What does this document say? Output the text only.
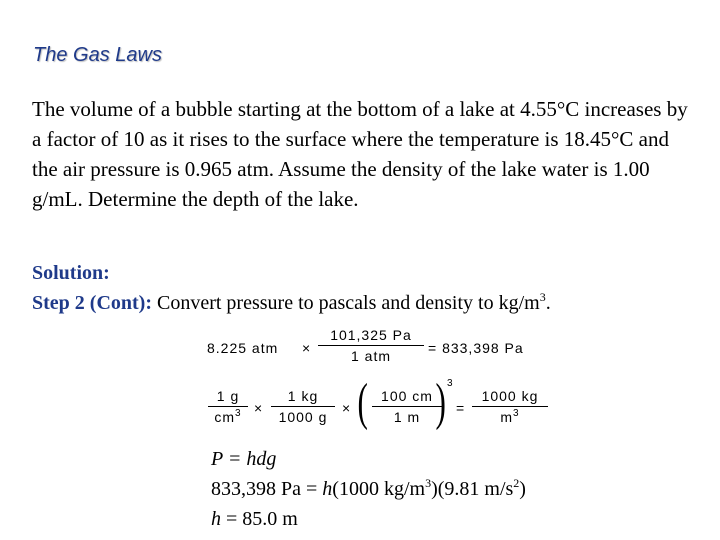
The Gas Laws
The volume of a bubble starting at the bottom of a lake at 4.55°C increases by a factor of 10 as it rises to the surface where the temperature is 18.45°C and the air pressure is 0.965 atm. Assume the density of the lake water is 1.00 g/mL. Determine the depth of the lake.
Solution:
Step 2 (Cont): Convert pressure to pascals and density to $kg/m^3$.
8.225 atm ×
101,325 Pa
1 atm	= 833,398 Pa
1 g
$cm^3$ ×
1 kg
1000 g
× ( 100 cm
1 m ) 3
=
1000 kg
$m^3$
P = hdg
833,398 Pa = h(1000 $kg/m^3)(9.81$ $m/s^2$)
h = 85.0 m
